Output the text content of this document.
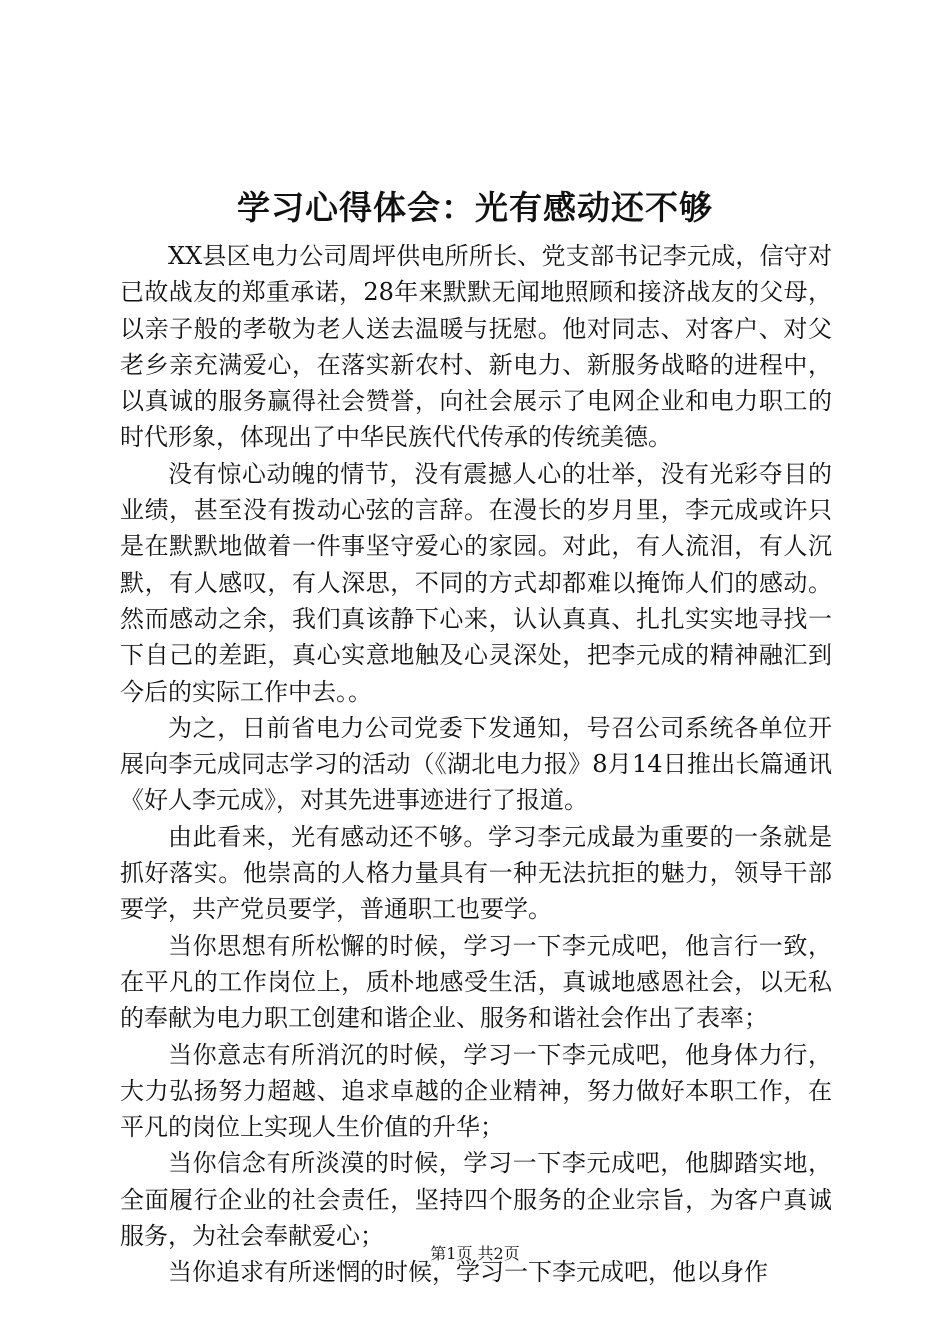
学习心得体会：光有感动还不够

XX县区电力公司周坪供电所所长、党支部书记李元成，信守对已故战友的郑重承诺，28年来默默无闻地照顾和接济战友的父母，以亲子般的孝敬为老人送去温暖与抚慰。他对同志、对客户、对父老乡亲充满爱心，在落实新农村、新电力、新服务战略的进程中，以真诚的服务赢得社会赞誉，向社会展示了电网企业和电力职工的时代形象，体现出了中华民族代代传承的传统美德。

没有惊心动魄的情节，没有震撼人心的壮举，没有光彩夺目的业绩，甚至没有拨动心弦的言辞。在漫长的岁月里，李元成或许只是在默默地做着一件事坚守爱心的家园。对此，有人流泪，有人沉默，有人感叹，有人深思，不同的方式却都难以掩饰人们的感动。然而感动之余，我们真该静下心来，认认真真、扎扎实实地寻找一下自己的差距，真心实意地触及心灵深处，把李元成的精神融汇到今后的实际工作中去。。

为之，日前省电力公司党委下发通知，号召公司系统各单位开展向李元成同志学习的活动（《湖北电力报》8月14日推出长篇通讯《好人李元成》，对其先进事迹进行了报道。

由此看来，光有感动还不够。学习李元成最为重要的一条就是抓好落实。他崇高的人格力量具有一种无法抗拒的魅力，领导干部要学，共产党员要学，普通职工也要学。

当你思想有所松懈的时候，学习一下李元成吧，他言行一致，在平凡的工作岗位上，质朴地感受生活，真诚地感恩社会，以无私的奉献为电力职工创建和谐企业、服务和谐社会作出了表率；

当你意志有所消沉的时候，学习一下李元成吧，他身体力行，大力弘扬努力超越、追求卓越的企业精神，努力做好本职工作，在平凡的岗位上实现人生价值的升华；

当你信念有所淡漠的时候，学习一下李元成吧，他脚踏实地，全面履行企业的社会责任，坚持四个服务的企业宗旨，为客户真诚服务，为社会奉献爱心；

当你追求有所迷惘的时候，学习一下李元成吧，他以身作

第1页 共2页
